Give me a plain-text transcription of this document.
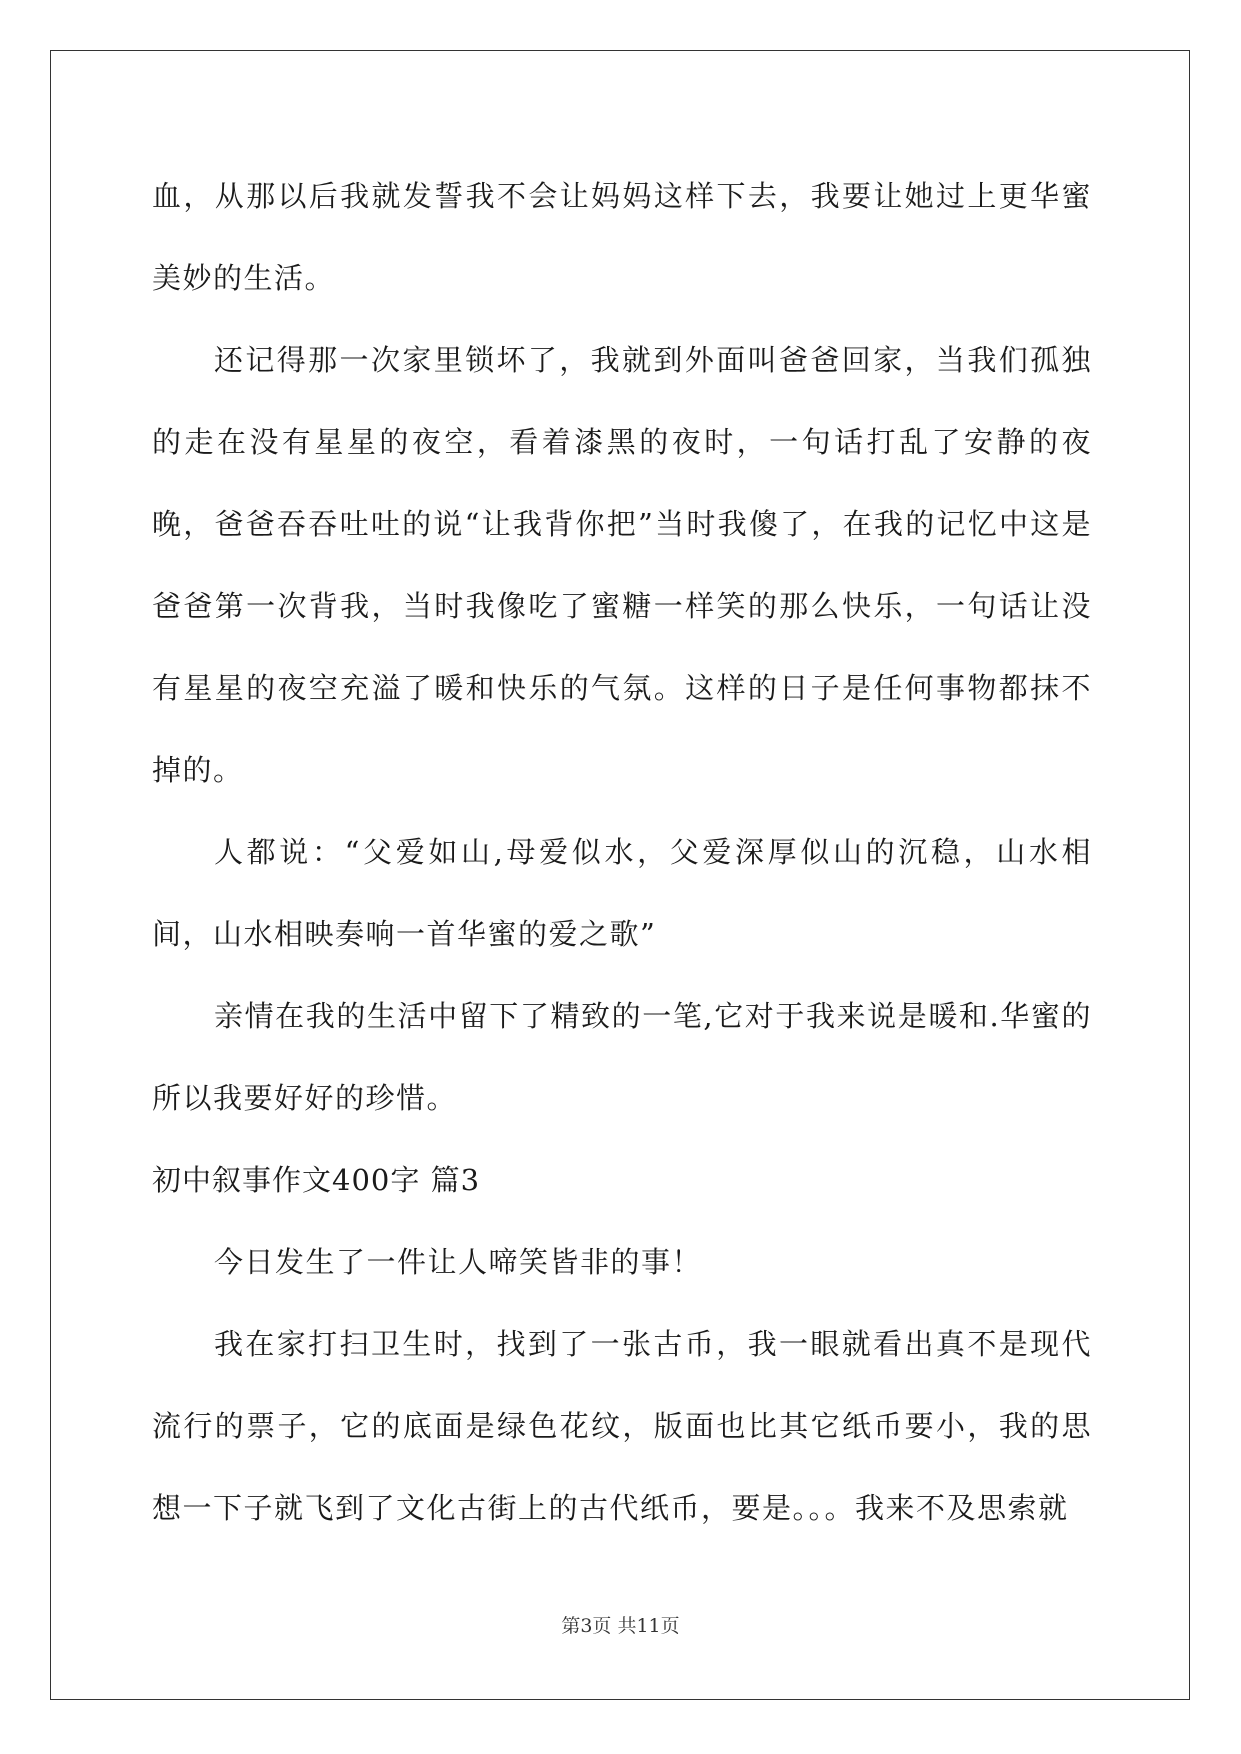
血，从那以后我就发誓我不会让妈妈这样下去，我要让她过上更华蜜美妙的生活。

还记得那一次家里锁坏了，我就到外面叫爸爸回家，当我们孤独的走在没有星星的夜空，看着漆黑的夜时，一句话打乱了安静的夜晚，爸爸吞吞吐吐的说“让我背你把”当时我傻了，在我的记忆中这是爸爸第一次背我，当时我像吃了蜜糖一样笑的那么快乐，一句话让没有星星的夜空充溢了暖和快乐的气氛。这样的日子是任何事物都抹不掉的。

人都说：“父爱如山,母爱似水，父爱深厚似山的沉稳，山水相间，山水相映奏响一首华蜜的爱之歌”

亲情在我的生活中留下了精致的一笔,它对于我来说是暖和.华蜜的所以我要好好的珍惜。

初中叙事作文400字 篇3

今日发生了一件让人啼笑皆非的事！

我在家打扫卫生时，找到了一张古币，我一眼就看出真不是现代流行的票子，它的底面是绿色花纹，版面也比其它纸币要小，我的思想一下子就飞到了文化古街上的古代纸币，要是。。。我来不及思索就

第3页 共11页
